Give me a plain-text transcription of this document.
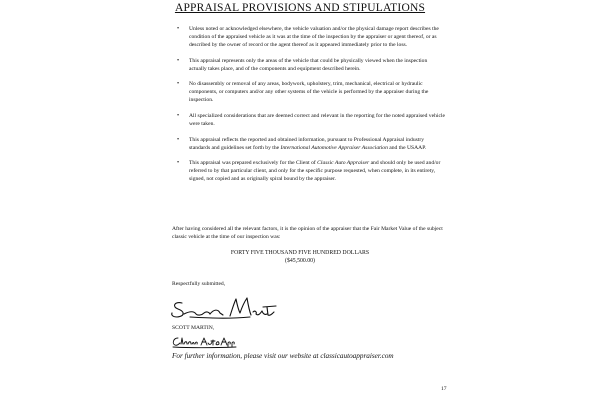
APPRAISAL PROVISIONS AND STIPULATIONS
• Unless noted or acknowledged elsewhere, the vehicle valuation and/or the physical damage report describes the condition of the appraised vehicle as it was at the time of the inspection by the appraiser or agent thereof, or as described by the owner of record or the agent thereof as it appeared immediately prior to the loss.
• This appraisal represents only the areas of the vehicle that could be physically viewed when the inspection actually takes place, and of the components and equipment described herein.
• No disassembly or removal of any areas, bodywork, upholstery, trim, mechanical, electrical or hydraulic components, or computers and/or any other systems of the vehicle is performed by the appraiser during the inspection.
• All specialized considerations that are deemed correct and relevant in the reporting for the noted appraised vehicle were taken.
• This appraisal reflects the reported and obtained information, pursuant to Professional Appraisal industry standards and guidelines set forth by the International Automotive Appraiser Association and the USAAP.
• This appraisal was prepared exclusively for the Client of Classic Auto Appraiser and should only be used and/or referred to by that particular client, and only for the specific purpose requested, when complete, in its entirety, signed, not copied and as originally spiral bound by the appraiser.
After having considered all the relevant factors, it is the opinion of the appraiser that the Fair Market Value of the subject classic vehicle at the time of our inspection was:
FORTY FIVE THOUSAND FIVE HUNDRED DOLLARS
($45,500.00)
Respectfully submitted,
SCOTT MARTIN,
For further information, please visit our website at classicautoappraiser.com
17
